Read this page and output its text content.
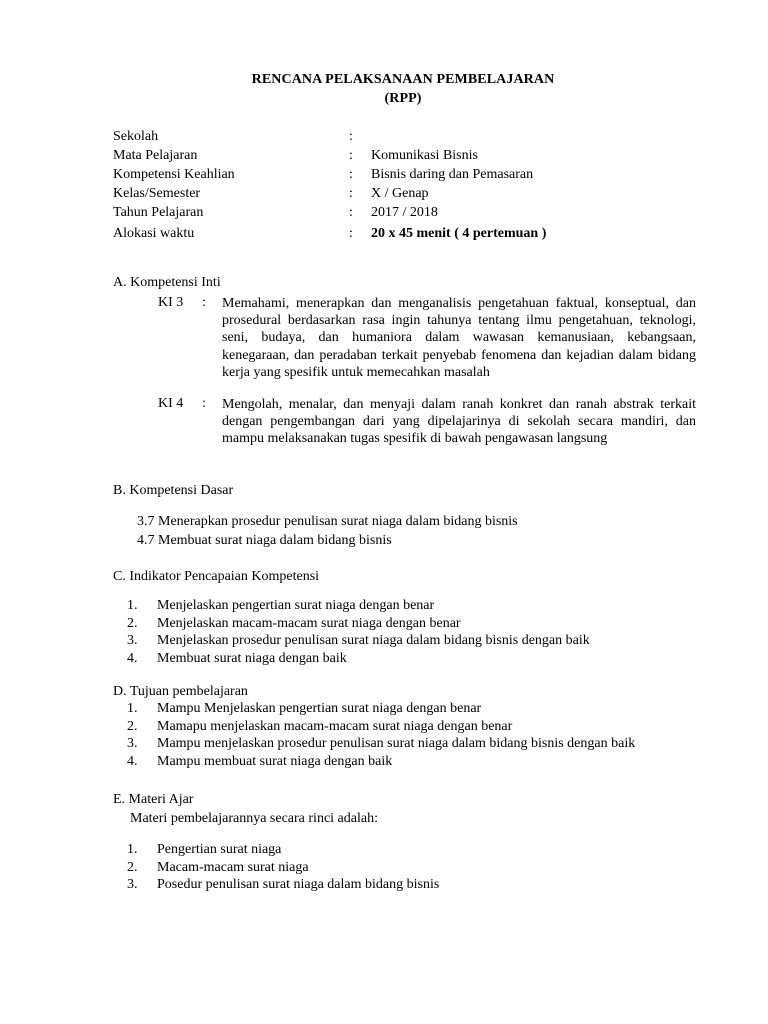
RENCANA PELAKSANAAN PEMBELAJARAN
(RPP)
Sekolah	:
Mata Pelajaran	: Komunikasi Bisnis
Kompetensi Keahlian	: Bisnis daring dan Pemasaran
Kelas/Semester	: X / Genap
Tahun Pelajaran	: 2017 / 2018
Alokasi waktu	: 20 x 45 menit ( 4 pertemuan )
A. Kompetensi Inti
KI 3 : Memahami, menerapkan dan menganalisis pengetahuan faktual, konseptual, dan prosedural berdasarkan rasa ingin tahunya tentang ilmu pengetahuan, teknologi, seni, budaya, dan humaniora dalam wawasan kemanusiaan, kebangsaan, kenegaraan, dan peradaban terkait penyebab fenomena dan kejadian dalam bidang kerja yang spesifik untuk memecahkan masalah
KI 4 : Mengolah, menalar, dan menyaji dalam ranah konkret dan ranah abstrak terkait dengan pengembangan dari yang dipelajarinya di sekolah secara mandiri, dan mampu melaksanakan tugas spesifik di bawah pengawasan langsung
B. Kompetensi Dasar
3.7 Menerapkan prosedur penulisan surat niaga dalam bidang bisnis
4.7 Membuat surat niaga dalam bidang bisnis
C. Indikator Pencapaian Kompetensi
1. Menjelaskan pengertian surat niaga dengan benar
2. Menjelaskan macam-macam surat niaga dengan benar
3. Menjelaskan prosedur penulisan surat niaga dalam bidang bisnis dengan baik
4. Membuat surat niaga dengan baik
D. Tujuan pembelajaran
1. Mampu Menjelaskan pengertian surat niaga dengan benar
2. Mamapu menjelaskan macam-macam surat niaga dengan benar
3. Mampu menjelaskan prosedur penulisan surat niaga dalam bidang bisnis dengan baik
4. Mampu membuat surat niaga dengan baik
E. Materi Ajar
Materi pembelajarannya secara rinci adalah:
1. Pengertian surat niaga
2. Macam-macam surat niaga
3. Posedur penulisan surat niaga dalam bidang bisnis
